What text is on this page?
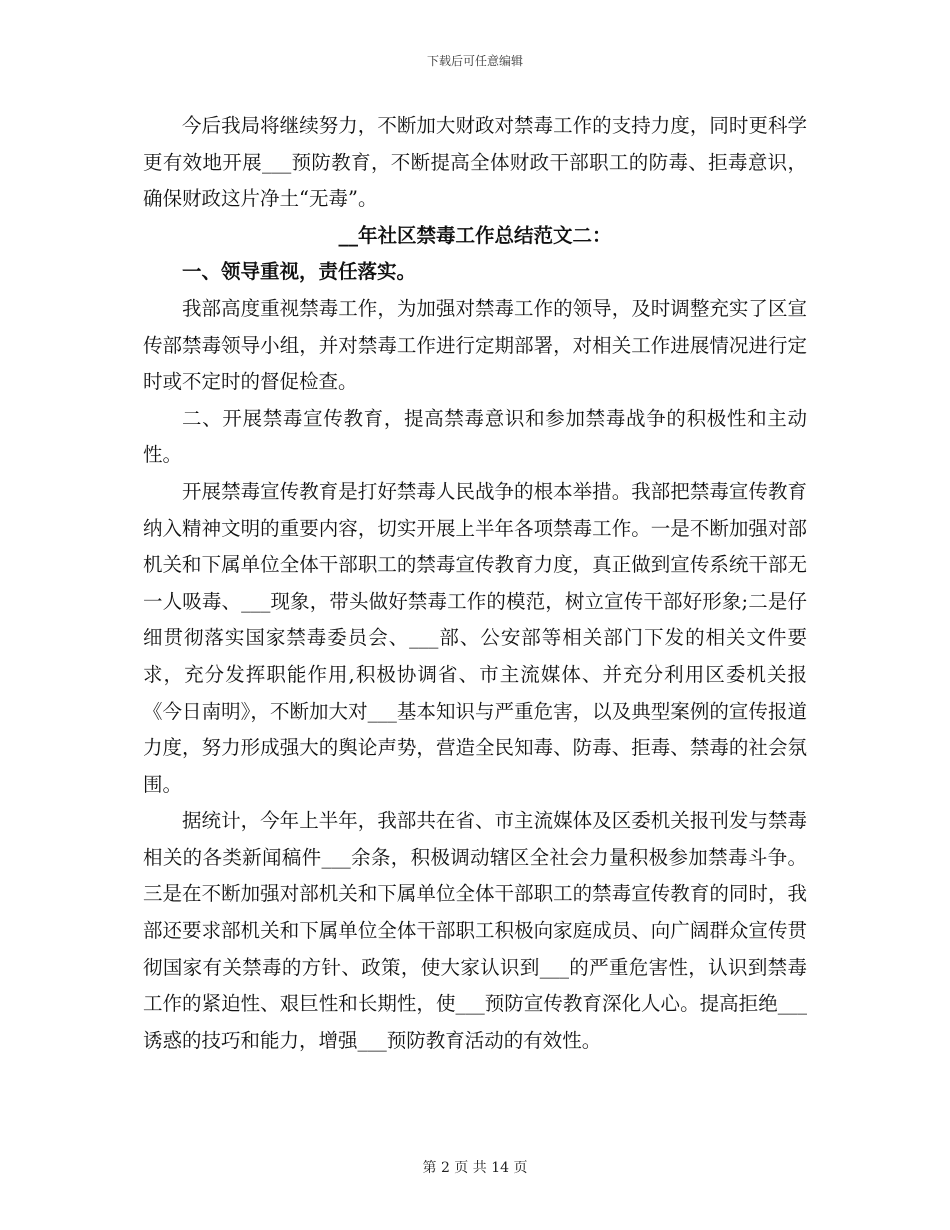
下载后可任意编辑

今后我局将继续努力，不断加大财政对禁毒工作的支持力度，同时更科学更有效地开展___预防教育，不断提高全体财政干部职工的防毒、拒毒意识，确保财政这片净土“无毒”。

__年社区禁毒工作总结范文二：

一、领导重视，责任落实。

我部高度重视禁毒工作，为加强对禁毒工作的领导，及时调整充实了区宣传部禁毒领导小组，并对禁毒工作进行定期部署，对相关工作进展情况进行定时或不定时的督促检查。

二、开展禁毒宣传教育，提高禁毒意识和参加禁毒战争的积极性和主动性。

开展禁毒宣传教育是打好禁毒人民战争的根本举措。我部把禁毒宣传教育纳入精神文明的重要内容，切实开展上半年各项禁毒工作。一是不断加强对部机关和下属单位全体干部职工的禁毒宣传教育力度，真正做到宣传系统干部无一人吸毒、___现象，带头做好禁毒工作的模范，树立宣传干部好形象;二是仔细贯彻落实国家禁毒委员会、___部、公安部等相关部门下发的相关文件要求，充分发挥职能作用,积极协调省、市主流媒体、并充分利用区委机关报《今日南明》，不断加大对___基本知识与严重危害，以及典型案例的宣传报道力度，努力形成强大的舆论声势，营造全民知毒、防毒、拒毒、禁毒的社会氛围。

据统计，今年上半年，我部共在省、市主流媒体及区委机关报刊发与禁毒相关的各类新闻稿件___余条，积极调动辖区全社会力量积极参加禁毒斗争。三是在不断加强对部机关和下属单位全体干部职工的禁毒宣传教育的同时，我部还要求部机关和下属单位全体干部职工积极向家庭成员、向广阔群众宣传贯彻国家有关禁毒的方针、政策，使大家认识到___的严重危害性，认识到禁毒工作的紧迫性、艰巨性和长期性，使___预防宣传教育深化人心。提高拒绝___诱惑的技巧和能力，增强___预防教育活动的有效性。

第 2 页 共 14 页
